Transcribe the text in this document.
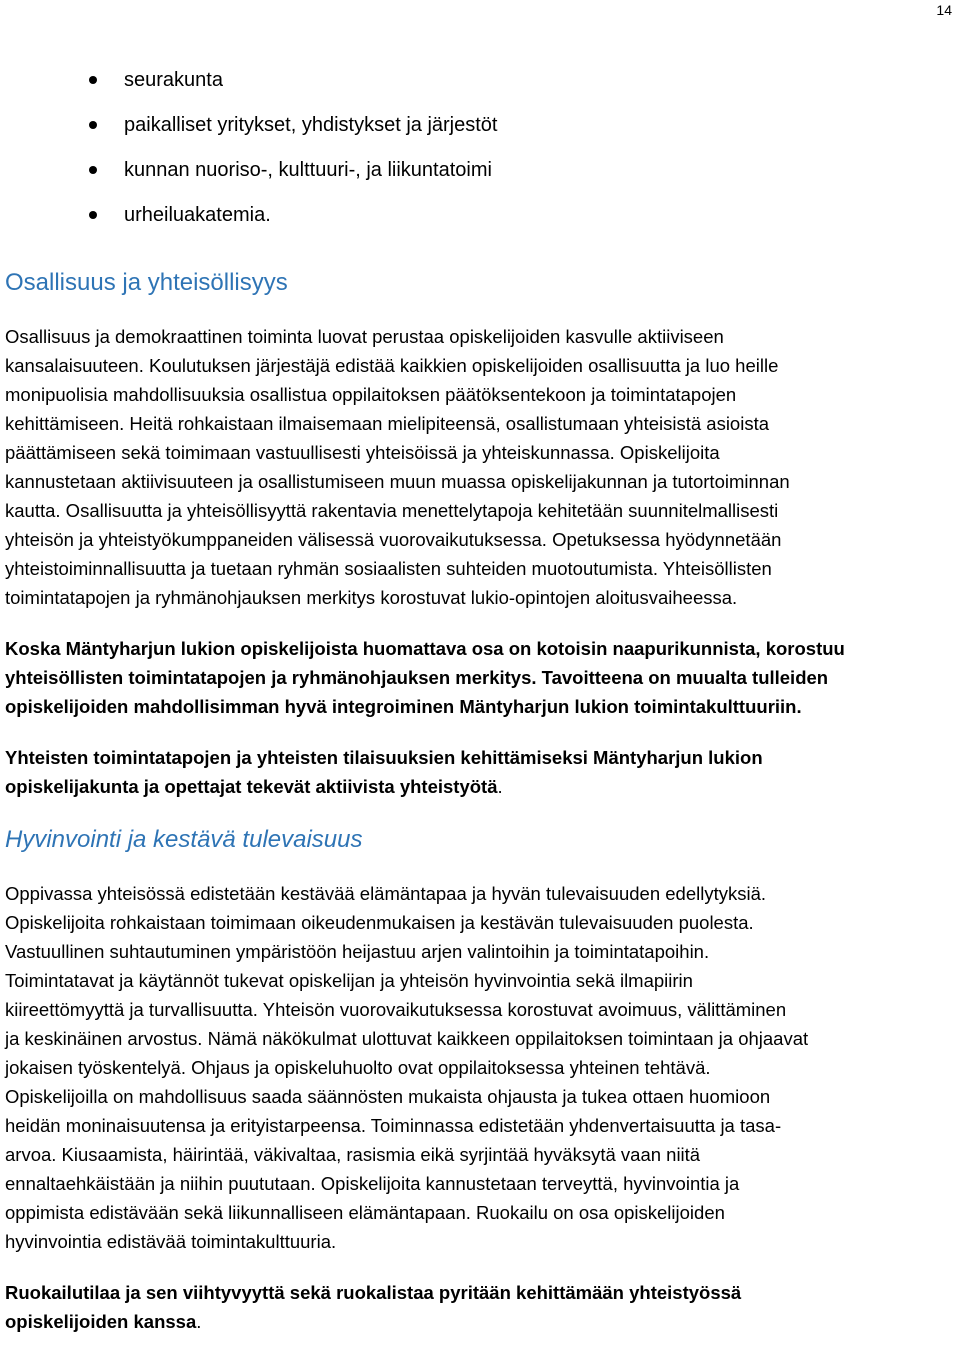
14
seurakunta
paikalliset yritykset, yhdistykset ja järjestöt
kunnan nuoriso-, kulttuuri-, ja liikuntatoimi
urheiluakatemia.
Osallisuus ja yhteisöllisyys

Osallisuus ja demokraattinen toiminta luovat perustaa opiskelijoiden kasvulle aktiiviseen
kansalaisuuteen. Koulutuksen järjestäjä edistää kaikkien opiskelijoiden osallisuutta ja luo heille
monipuolisia mahdollisuuksia osallistua oppilaitoksen päätöksentekoon ja toimintatapojen
kehittämiseen. Heitä rohkaistaan ilmaisemaan mielipiteensä, osallistumaan yhteisistä asioista
päättämiseen sekä toimimaan vastuullisesti yhteisöissä ja yhteiskunnassa. Opiskelijoita
kannustetaan aktiivisuuteen ja osallistumiseen muun muassa opiskelijakunnan ja tutortoiminnan
kautta. Osallisuutta ja yhteisöllisyyttä rakentavia menettelytapoja kehitetään suunnitelmallisesti
yhteisön ja yhteistyökumppaneiden välisessä vuorovaikutuksessa. Opetuksessa hyödynnetään
yhteistoiminnallisuutta ja tuetaan ryhmän sosiaalisten suhteiden muotoutumista. Yhteisöllisten
toimintatapojen ja ryhmänohjauksen merkitys korostuvat lukio-opintojen aloitusvaiheessa.

Koska Mäntyharjun lukion opiskelijoista huomattava osa on kotoisin naapurikunnista, korostuu
yhteisöllisten toimintatapojen ja ryhmänohjauksen merkitys. Tavoitteena on muualta tulleiden
opiskelijoiden mahdollisimman hyvä integroiminen Mäntyharjun lukion toimintakulttuuriin.

Yhteisten toimintatapojen ja yhteisten tilaisuuksien kehittämiseksi Mäntyharjun lukion
opiskelijakunta ja opettajat tekevät aktiivista yhteistyötä.

Hyvinvointi ja kestävä tulevaisuus

Oppivassa yhteisössä edistetään kestävää elämäntapaa ja hyvän tulevaisuuden edellytyksiä.
Opiskelijoita rohkaistaan toimimaan oikeudenmukaisen ja kestävän tulevaisuuden puolesta.
Vastuullinen suhtautuminen ympäristöön heijastuu arjen valintoihin ja toimintatapoihin.
Toimintatavat ja käytännöt tukevat opiskelijan ja yhteisön hyvinvointia sekä ilmapiirin
kiireettömyyttä ja turvallisuutta. Yhteisön vuorovaikutuksessa korostuvat avoimuus, välittäminen
ja keskinäinen arvostus. Nämä näkökulmat ulottuvat kaikkeen oppilaitoksen toimintaan ja ohjaavat
jokaisen työskentelyä. Ohjaus ja opiskeluhuolto ovat oppilaitoksessa yhteinen tehtävä.
Opiskelijoilla on mahdollisuus saada säännösten mukaista ohjausta ja tukea ottaen huomioon
heidän moninaisuutensa ja erityistarpeensa. Toiminnassa edistetään yhdenvertaisuutta ja tasa-
arvoa. Kiusaamista, häirintää, väkivaltaa, rasismia eikä syrjintää hyväksytä vaan niitä
ennaltaehkäistään ja niihin puututaan. Opiskelijoita kannustetaan terveyttä, hyvinvointia ja
oppimista edistävään sekä liikunnalliseen elämäntapaan. Ruokailu on osa opiskelijoiden
hyvinvointia edistävää toimintakulttuuria.

Ruokailutilaa ja sen viihtyvyyttä sekä ruokalistaa pyritään kehittämään yhteistyössä
opiskelijoiden kanssa.
